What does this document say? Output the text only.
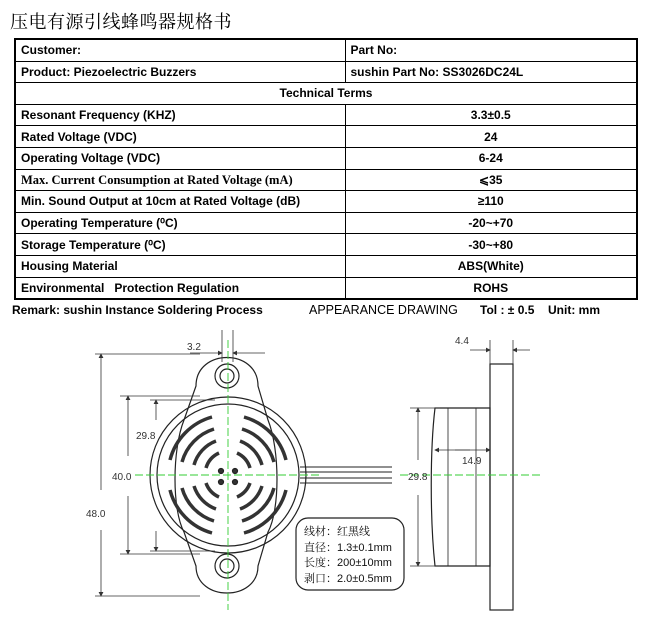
压电有源引线蜂鸣器规格书
Customer:	Part No:
Product: Piezoelectric Buzzers	sushin Part No: SS3026DC24L
Technical Terms	
Resonant Frequency (KHZ)	3.3±0.5
Rated Voltage (VDC)	24
Operating Voltage (VDC)	6-24
Max. Current Consumption at Rated Voltage (mA)	⩽35
Min. Sound Output at 10cm at Rated Voltage (dB)	≥110
Operating Temperature (⁰C)	-20~+70
Storage Temperature (⁰C)	-30~+80
Housing Material	ABS(White)
Environmental   Protection Regulation	ROHS
Remark: sushin Instance Soldering Process	APPEARANCE DRAWING Tol : ± 0.5 Unit: mm
3.2
29.8
40.0
48.0
4.4
14.9
29.8
线材：红黑线
直径：1.3±0.1mm
长度：200±10mm
剥口：2.0±0.5mm
